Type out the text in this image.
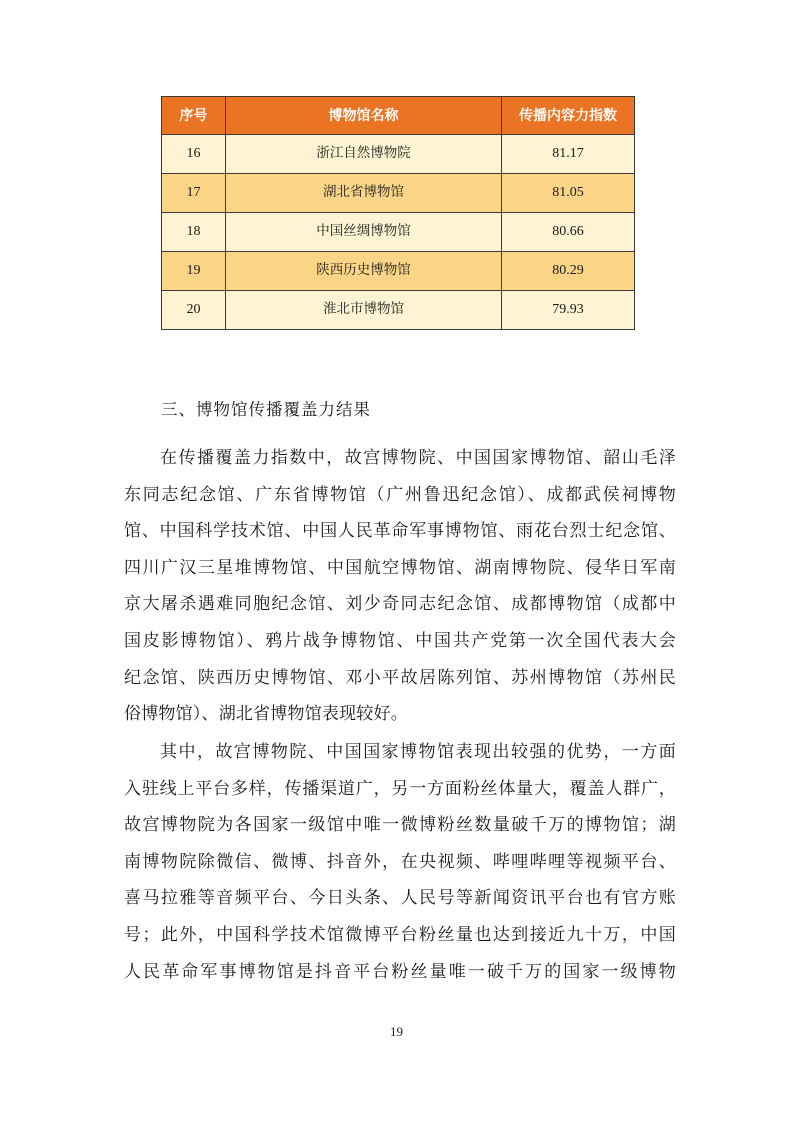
序号	博物馆名称	传播内容力指数
16	浙江自然博物院	81.17
17	湖北省博物馆	81.05
18	中国丝绸博物馆	80.66
19	陕西历史博物馆	80.29
20	淮北市博物馆	79.93
三、博物馆传播覆盖力结果
在传播覆盖力指数中，故宫博物院、中国国家博物馆、韶山毛泽
东同志纪念馆、广东省博物馆（广州鲁迅纪念馆）、成都武侯祠博物
馆、中国科学技术馆、中国人民革命军事博物馆、雨花台烈士纪念馆、
四川广汉三星堆博物馆、中国航空博物馆、湖南博物院、侵华日军南
京大屠杀遇难同胞纪念馆、刘少奇同志纪念馆、成都博物馆（成都中
国皮影博物馆）、鸦片战争博物馆、中国共产党第一次全国代表大会
纪念馆、陕西历史博物馆、邓小平故居陈列馆、苏州博物馆（苏州民
俗博物馆）、湖北省博物馆表现较好。
其中，故宫博物院、中国国家博物馆表现出较强的优势，一方面
入驻线上平台多样，传播渠道广，另一方面粉丝体量大，覆盖人群广，
故宫博物院为各国家一级馆中唯一微博粉丝数量破千万的博物馆；湖
南博物院除微信、微博、抖音外，在央视频、哔哩哔哩等视频平台、
喜马拉雅等音频平台、今日头条、人民号等新闻资讯平台也有官方账
号；此外，中国科学技术馆微博平台粉丝量也达到接近九十万，中国
人民革命军事博物馆是抖音平台粉丝量唯一破千万的国家一级博物
19
